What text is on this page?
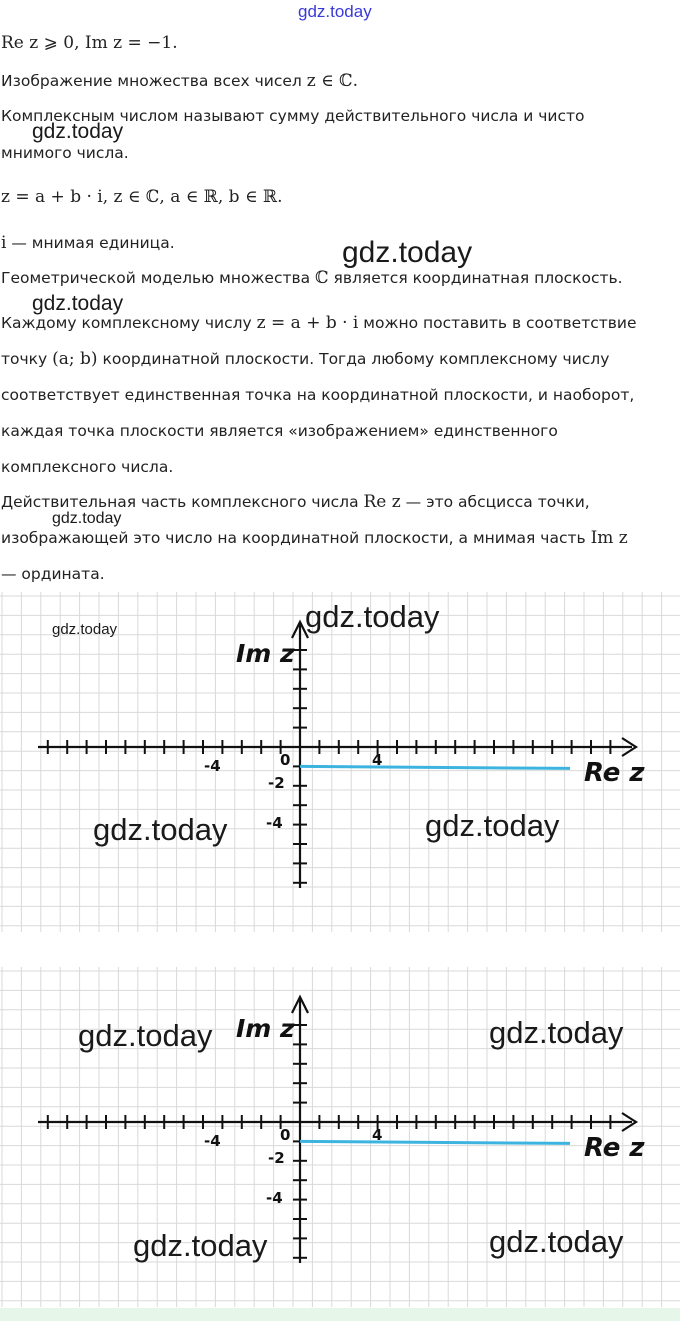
gdz.today
Re z ⩾ 0, Im z = −1.
Изображение множества всех чисел z ∈ ℂ.
Комплексным числом называют сумму действительного числа и чисто
мнимого числа.
z = a + b · i, z ∈ ℂ, a ∈ ℝ, b ∈ ℝ.
i — мнимая единица.
Геометрической моделью множества ℂ является координатная плоскость.
Каждому комплексному числу z = a + b · i можно поставить в соответствие
точку (a; b) координатной плоскости. Тогда любому комплексному числу
соответствует единственная точка на координатной плоскости, и наоборот,
каждая точка плоскости является «изображением» единственного
комплексного числа.
Действительная часть комплексного числа Re z — это абсцисса точки,
изображающей это число на координатной плоскости, а мнимая часть Im z
— ордината.
gdz.today
gdz.today
gdz.today
gdz.today
0
-4	4
-2
-4
Re z
Im z
0
-4	4
-2
-4
Re z
Im z
gdz.today	gdz.today
gdz.today	gdz.today
gdz.today	gdz.today
gdz.today	gdz.today
